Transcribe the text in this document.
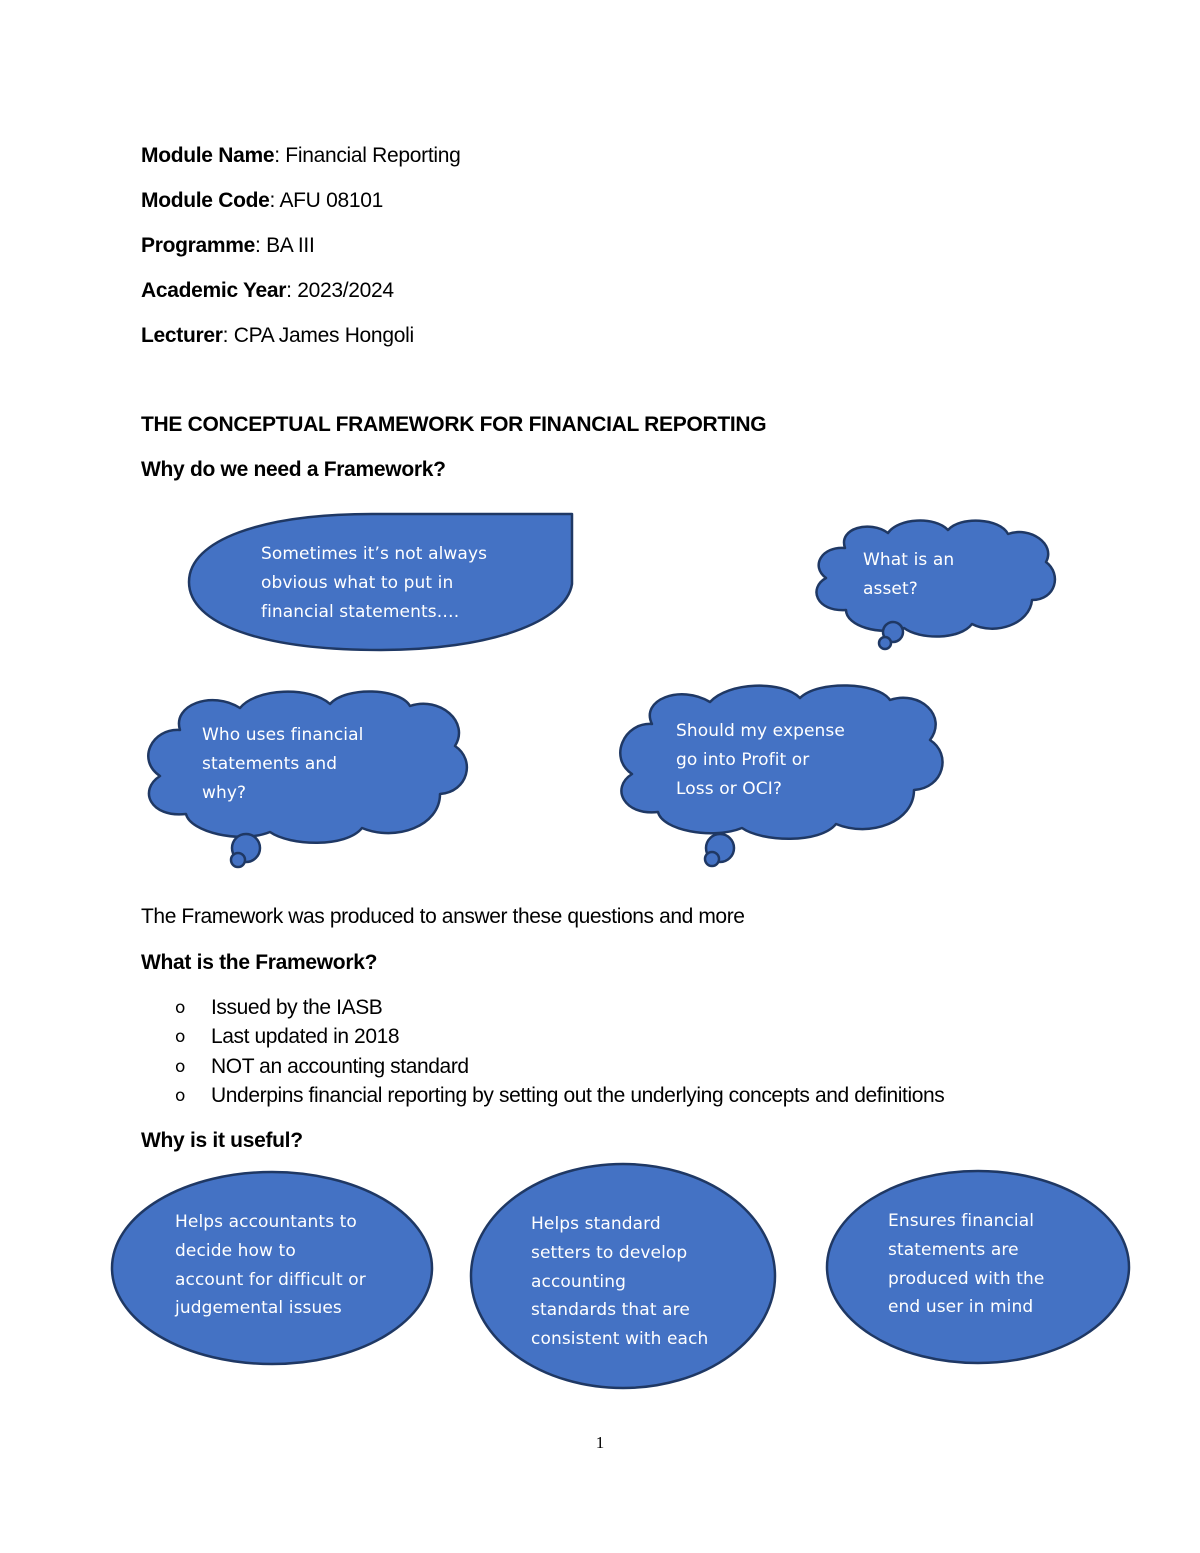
Module Name: Financial Reporting
Module Code: AFU 08101
Programme: BA III
Academic Year: 2023/2024
Lecturer: CPA James Hongoli
THE CONCEPTUAL FRAMEWORK FOR FINANCIAL REPORTING
Why do we need a Framework?
Sometimes it’s not always
obvious what to put in
financial statements….
What is an
asset?
Who uses financial
statements and
why?
Should my expense
go into Profit or
Loss or OCI?
The Framework was produced to answer these questions and more
What is the Framework?
o Issued by the IASB
o Last updated in 2018
o NOT an accounting standard
o Underpins financial reporting by setting out the underlying concepts and definitions
Why is it useful?
Helps accountants to
decide how to
account for difficult or
judgemental issues
Helps standard
setters to develop
accounting
standards that are
consistent with each
Ensures financial
statements are
produced with the
end user in mind
1
